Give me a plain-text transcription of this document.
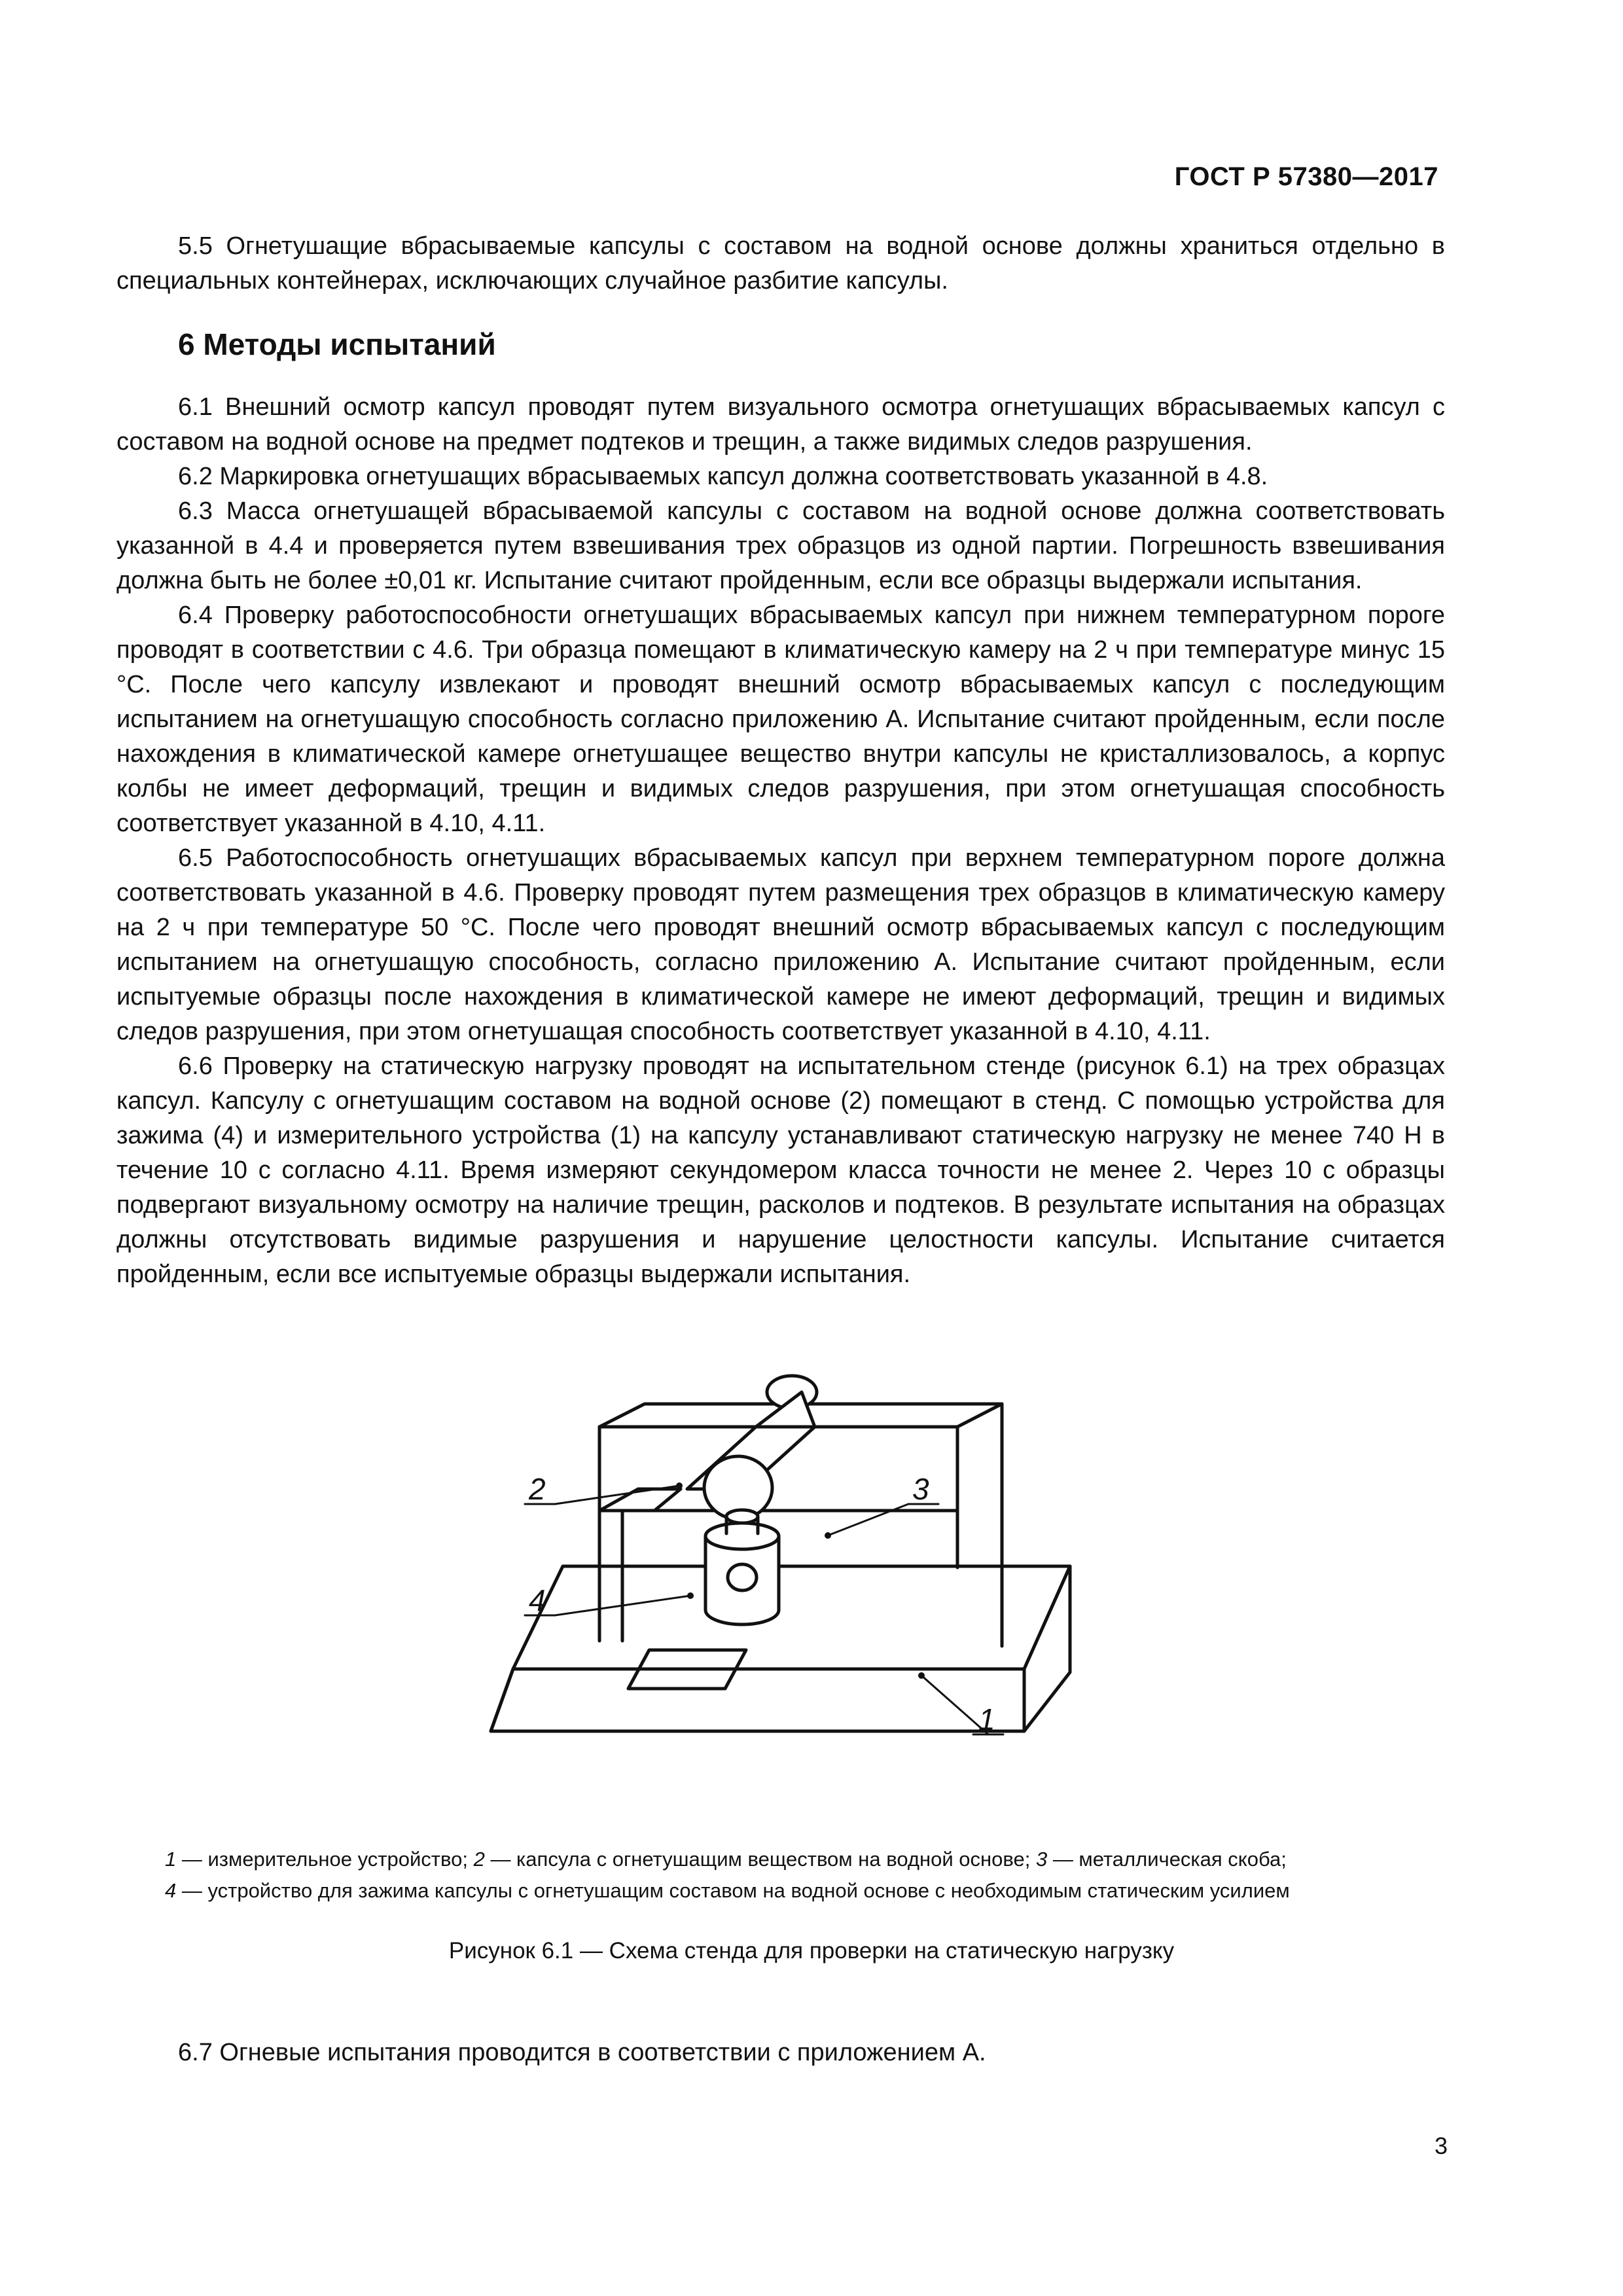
ГОСТ Р 57380—2017

5.5 Огнетушащие вбрасываемые капсулы с составом на водной основе должны храниться отдельно в специальных контейнерах, исключающих случайное разбитие капсулы.

6 Методы испытаний

6.1 Внешний осмотр капсул проводят путем визуального осмотра огнетушащих вбрасываемых капсул с составом на водной основе на предмет подтеков и трещин, а также видимых следов разрушения.

6.2 Маркировка огнетушащих вбрасываемых капсул должна соответствовать указанной в 4.8.

6.3 Масса огнетушащей вбрасываемой капсулы с составом на водной основе должна соответствовать указанной в 4.4 и проверяется путем взвешивания трех образцов из одной партии. Погрешность взвешивания должна быть не более ±0,01 кг. Испытание считают пройденным, если все образцы выдержали испытания.

6.4 Проверку работоспособности огнетушащих вбрасываемых капсул при нижнем температурном пороге проводят в соответствии с 4.6. Три образца помещают в климатическую камеру на 2 ч при температуре минус 15 °С. После чего капсулу извлекают и проводят внешний осмотр вбрасываемых капсул с последующим испытанием на огнетушащую способность согласно приложению А. Испытание считают пройденным, если после нахождения в климатической камере огнетушащее вещество внутри капсулы не кристаллизовалось, а корпус колбы не имеет деформаций, трещин и видимых следов разрушения, при этом огнетушащая способность соответствует указанной в 4.10, 4.11.

6.5 Работоспособность огнетушащих вбрасываемых капсул при верхнем температурном пороге должна соответствовать указанной в 4.6. Проверку проводят путем размещения трех образцов в климатическую камеру на 2 ч при температуре 50 °С. После чего проводят внешний осмотр вбрасываемых капсул с последующим испытанием на огнетушащую способность, согласно приложению А. Испытание считают пройденным, если испытуемые образцы после нахождения в климатической камере не имеют деформаций, трещин и видимых следов разрушения, при этом огнетушащая способность соответствует указанной в 4.10, 4.11.

6.6 Проверку на статическую нагрузку проводят на испытательном стенде (рисунок 6.1) на трех образцах капсул. Капсулу с огнетушащим составом на водной основе (2) помещают в стенд. С помощью устройства для зажима (4) и измерительного устройства (1) на капсулу устанавливают статическую нагрузку не менее 740 Н в течение 10 с согласно 4.11. Время измеряют секундомером класса точности не менее 2. Через 10 с образцы подвергают визуальному осмотру на наличие трещин, расколов и подтеков. В результате испытания на образцах должны отсутствовать видимые разрушения и нарушение целостности капсулы. Испытание считается пройденным, если все испытуемые образцы выдержали испытания.

2
4
3
1
1 — измерительное устройство; 2 — капсула с огнетушащим веществом на водной основе; 3 — металлическая скоба;
4 — устройство для зажима капсулы с огнетушащим составом на водной основе с необходимым статическим усилием
Рисунок 6.1 — Схема стенда для проверки на статическую нагрузку
6.7 Огневые испытания проводится в соответствии с приложением А.
3
